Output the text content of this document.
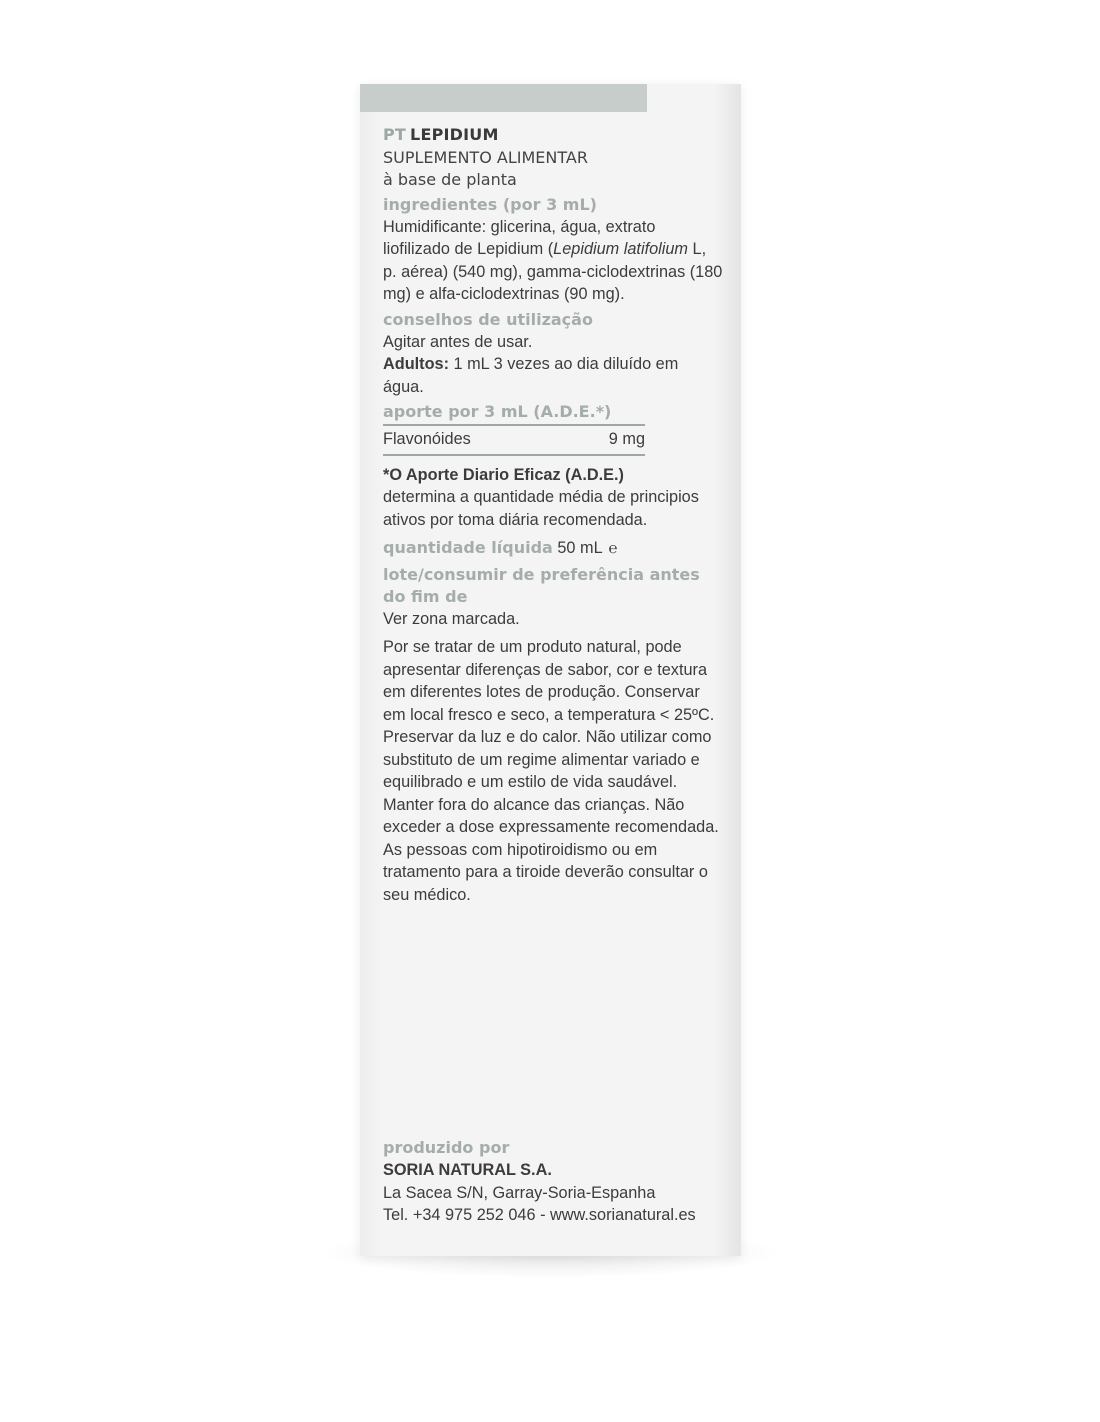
PT LEPIDIUM
SUPLEMENTO ALIMENTAR
à base de planta
ingredientes (por 3 mL)
Humidificante: glicerina, água, extrato liofilizado de Lepidium (Lepidium latifolium L, p. aérea) (540 mg), gamma-ciclodextrinas (180 mg) e alfa-ciclodextrinas (90 mg).
conselhos de utilização
Agitar antes de usar.
Adultos: 1 mL 3 vezes ao dia diluído em água.
aporte por 3 mL (A.D.E.*)
Flavonóides	9 mg
*O Aporte Diario Eficaz (A.D.E.)
determina a quantidade média de principios ativos por toma diária recomendada.
quantidade líquida 50 mL ℮
lote/consumir de preferência antes do fim de
Ver zona marcada.
Por se tratar de um produto natural, pode apresentar diferenças de sabor, cor e textura em diferentes lotes de produção. Conservar em local fresco e seco, a temperatura < 25ºC. Preservar da luz e do calor. Não utilizar como substituto de um regime alimentar variado e equilibrado e um estilo de vida saudável. Manter fora do alcance das crianças. Não exceder a dose expressamente recomendada. As pessoas com hipotiroidismo ou em tratamento para a tiroide deverão consultar o seu médico.
produzido por
SORIA NATURAL S.A.
La Sacea S/N, Garray-Soria-Espanha
Tel. +34 975 252 046 - www.sorianatural.es
